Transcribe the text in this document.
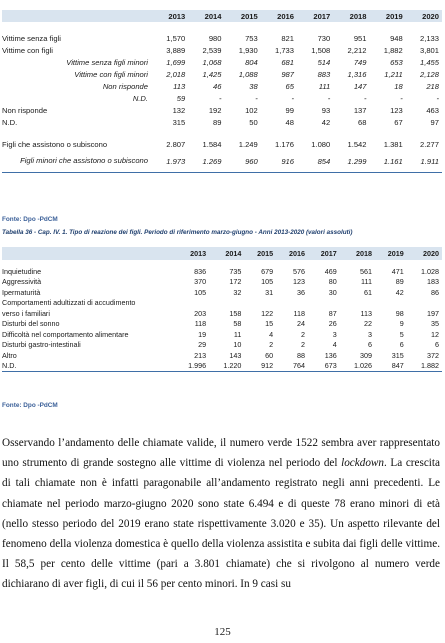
	2013	2014	2015	2016	2017	2018	2019	2020

Vittime senza figli	1,570	980	753	821	730	951	948	2,133
Vittime con figli	3,889	2,539	1,930	1,733	1,508	2,212	1,882	3,801
Vittime senza figli minori	1,699	1,068	804	681	514	749	653	1,455
Vittime con figli minori	2,018	1,425	1,088	987	883	1,316	1,211	2,128
Non risponde	113	46	38	65	111	147	18	218
N.D.	59	-	-	-	-	-	-	-
Non risponde	132	192	102	99	93	137	123	463
N.D.	315	89	50	48	42	68	67	97

Figli che assistono o subiscono	2.807	1.584	1.249	1.176	1.080	1.542	1.381	2.277
Figli minori che assistono o subiscono	1.973	1.269	960	916	854	1.299	1.161	1.911

Fonte: Dpo -PdCM
Tabella 36 - Cap. IV. 1. Tipo di reazione dei figli. Periodo di riferimento marzo-giugno - Anni 2013-2020 (valori assoluti)
	2013	2014	2015	2016	2017	2018	2019	2020

Inquietudine	836	735	679	576	469	561	471	1.028
Aggressività	370	172	105	123	80	111	89	183
Ipermaturità	105	32	31	36	30	61	42	86
Comportamenti adultizzati di accudimento								
verso i familiari	203	158	122	118	87	113	98	197
Disturbi del sonno	118	58	15	24	26	22	9	35
Difficoltà nel comportamento alimentare	19	11	4	2	3	3	5	12
Disturbi gastro-intestinali	29	10	2	2	4	6	6	6
Altro	213	143	60	88	136	309	315	372
N.D.	1.996	1.220	912	764	673	1.026	847	1.882

Fonte: Dpo -PdCM

Osservando l’andamento delle chiamate valide, il numero verde 1522 sembra aver rappresentato uno strumento di grande sostegno alle vittime di violenza nel periodo del lockdown. La crescita di tali chiamate non è infatti paragonabile all’andamento registrato negli anni precedenti. Le chiamate nel periodo marzo-giugno 2020 sono state 6.494 e di queste 78 erano minori di età (nello stesso periodo del 2019 erano state rispettivamente 3.020 e 35). Un aspetto rilevante del fenomeno della violenza domestica è quello della violenza assistita e subita dai figli delle vittime. Il 58,5 per cento delle vittime (pari a 3.801 chiamate) che si rivolgono al numero verde dichiarano di aver figli, di cui il 56 per cento minori. In 9 casi su

125
